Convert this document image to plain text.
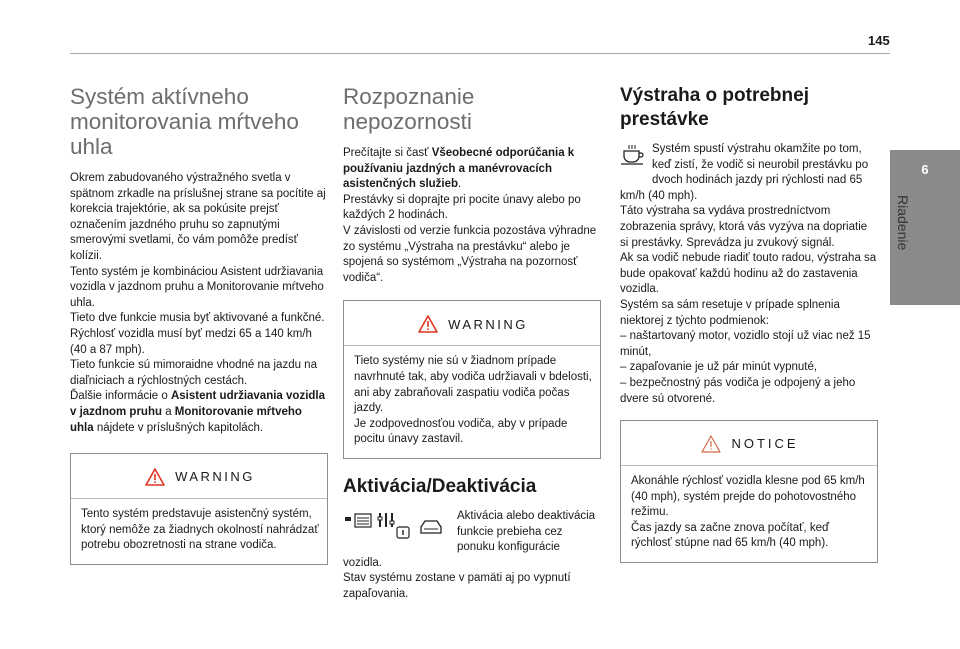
145
6
Riadenie
Systém aktívneho monitorovania mŕtveho uhla

Okrem zabudovaného výstražného svetla v spätnom zrkadle na príslušnej strane sa pocítite aj korekcia trajektórie, ak sa pokúsite prejsť označením jazdného pruhu so zapnutými smerovými svetlami, čo vám pomôže predísť kolízii.

Tento systém je kombináciou Asistent udržiavania vozidla v jazdnom pruhu a Monitorovanie mŕtveho uhla.

Tieto dve funkcie musia byť aktivované a funkčné.

Rýchlosť vozidla musí byť medzi 65 a 140 km/h (40 a 87 mph).

Tieto funkcie sú mimoraidne vhodné na jazdu na diaľniciach a rýchlostných cestách.

Ďalšie informácie o Asistent udržiavania vozidla v jazdnom pruhu a Monitorovanie mŕtveho uhla nájdete v príslušných kapitolách.

WARNING

Tento systém predstavuje asistenčný systém, ktorý nemôže za žiadnych okolností nahrádzať potrebu obozretnosti na strane vodiča.

Rozpoznanie nepozornosti

Prečítajte si časť Všeobecné odporúčania k používaniu jazdných a manévrovacích asistenčných služieb.

Prestávky si doprajte pri pocite únavy alebo po každých 2 hodinách.

V závislosti od verzie funkcia pozostáva výhradne zo systému „Výstraha na prestávku“ alebo je spojená so systémom „Výstraha na pozornosť vodiča“.

WARNING

Tieto systémy nie sú v žiadnom prípade navrhnuté tak, aby vodiča udržiavali v bdelosti, ani aby zabraňovali zaspatiu vodiča počas jazdy.

Je zodpovednosťou vodiča, aby v prípade pocitu únavy zastavil.

Aktivácia/Deaktivácia

Aktivácia alebo deaktivácia funkcie prebieha cez ponuku konfigurácie vozidla.

Stav systému zostane v pamäti aj po vypnutí zapaľovania.

Výstraha o potrebnej prestávke

Systém spustí výstrahu okamžite po tom, keď zistí, že vodič si neurobil prestávku po dvoch hodinách jazdy pri rýchlosti nad 65 km/h (40 mph).

Táto výstraha sa vydáva prostredníctvom zobrazenia správy, ktorá vás vyzýva na dopriatie si prestávky. Sprevádza ju zvukový signál.

Ak sa vodič nebude riadiť touto radou, výstraha sa bude opakovať každú hodinu až do zastavenia vozidla.

Systém sa sám resetuje v prípade splnenia niektorej z týchto podmienok:

– naštartovaný motor, vozidlo stojí už viac než 15 minút,

– zapaľovanie je už pár minút vypnuté,

– bezpečnostný pás vodiča je odpojený a jeho dvere sú otvorené.

NOTICE

Akonáhle rýchlosť vozidla klesne pod 65 km/h (40 mph), systém prejde do pohotovostného režimu.

Čas jazdy sa začne znova počítať, keď rýchlosť stúpne nad 65 km/h (40 mph).
